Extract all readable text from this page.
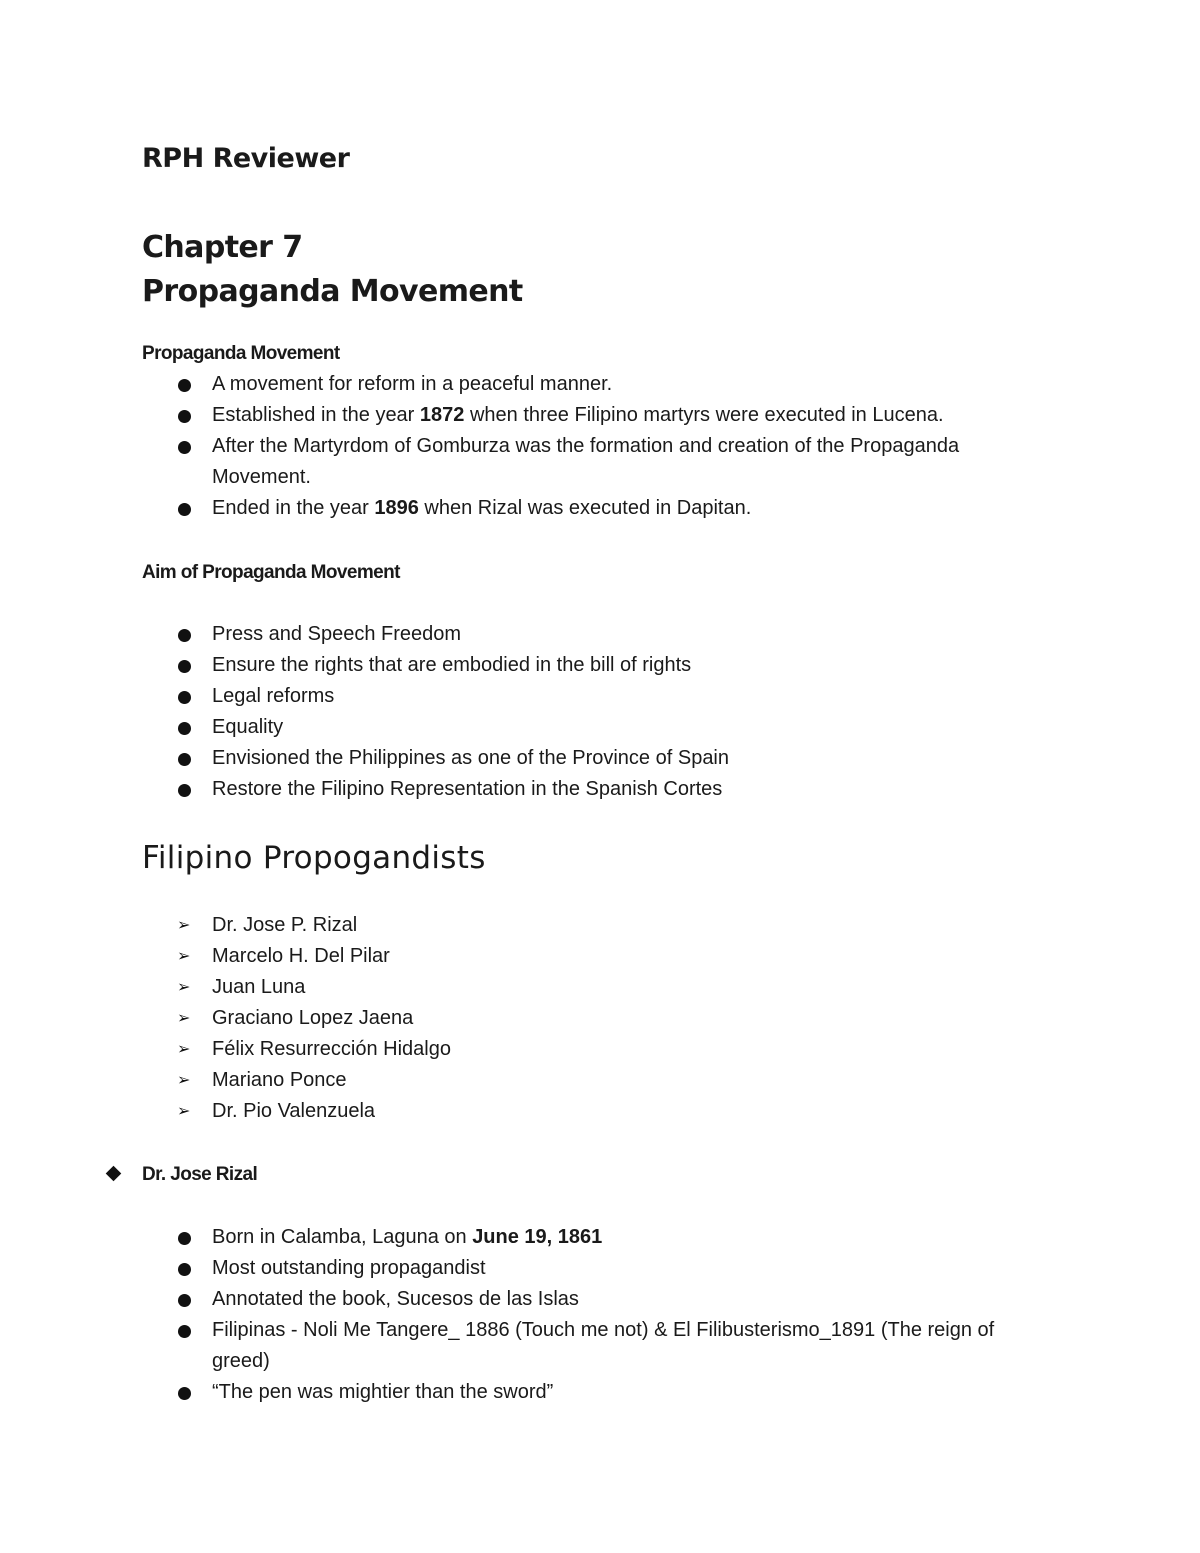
RPH Reviewer
Chapter 7
Propaganda Movement
Propaganda Movement
A movement for reform in a peaceful manner.
Established in the year 1872 when three Filipino martyrs were executed in Lucena.
After the Martyrdom of Gomburza was the formation and creation of the Propaganda
Movement.
Ended in the year 1896 when Rizal was executed in Dapitan.
Aim of Propaganda Movement
Press and Speech Freedom
Ensure the rights that are embodied in the bill of rights
Legal reforms
Equality
Envisioned the Philippines as one of the Province of Spain
Restore the Filipino Representation in the Spanish Cortes
Filipino Propogandists
➢ Dr. Jose P. Rizal
➢ Marcelo H. Del Pilar
➢ Juan Luna
➢ Graciano Lopez Jaena
➢ Félix Resurrección Hidalgo
➢ Mariano Ponce
➢ Dr. Pio Valenzuela
Dr. Jose Rizal
Born in Calamba, Laguna on June 19, 1861
Most outstanding propagandist
Annotated the book, Sucesos de las Islas
Filipinas - Noli Me Tangere_ 1886 (Touch me not) & El Filibusterismo_1891 (The reign of
greed)
“The pen was mightier than the sword”
